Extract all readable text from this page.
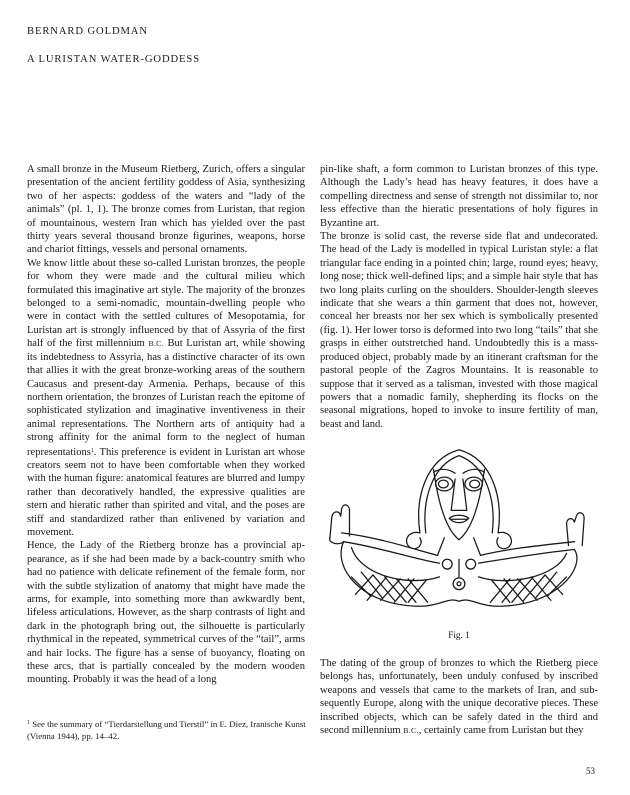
BERNARD GOLDMAN
A LURISTAN WATER-GODDESS

A small bronze in the Museum Rietberg, Zurich, offers a singular presentation of the ancient fertility goddess of Asia, synthesizing two of her aspects: goddess of the waters and “lady of the animals” (pl. 1, 1). The bronze comes from Luristan, that region of mountainous, western Iran which has yielded over the past thirty years several thousand bronze figurines, weapons, horse and chariot fittings, vessels and personal ornaments.

We know little about these so-called Luristan bronzes, the people for whom they were made and the cultural milieu which formulated this imaginative art style. The majority of the bronzes belonged to a semi-nomadic, mountain-dwelling people who were in contact with the settled cultures of Mesopotamia, for Luristan art is strongly influenced by that of Assyria of the first half of the first millennium B.C. But Luristan art, while showing its indebtedness to Assyria, has a distinctive character of its own that allies it with the great bronze-working areas of the southern Caucasus and present-day Armenia. Perhaps, because of this northern orientation, the bronzes of Luristan reach the epitome of sophisticated stylization and imaginative inventiveness in their animal representations. The Northern arts of antiquity had a strong affinity for the animal form to the neglect of human representations$^1$. This preference is evident in Luristan art whose creators seem not to have been comfortable when they worked with the human figure: anatomical features are blurred and lumpy rather than decoratively handled, the expressive qualities are stern and hieratic rather than spirited and vital, and the poses are stiff and standardized rather than enlivened by variation and movement.

Hence, the Lady of the Rietberg bronze has a provincial appearance, as if she had been made by a back-country smith who had no patience with delicate refinement of the female form, nor with the subtle stylization of anatomy that might have made the arms, for example, into something more than awkwardly bent, lifeless articulations. However, as the sharp contrasts of light and dark in the photograph bring out, the silhouette is particularly rhythmical in the repeated, symmetrical curves of the “tail”, arms and hair locks. The figure has a sense of buoyancy, floating on these arcs, that is partially concealed by the modern wooden mounting. Probably it was the head of a long

$^1$ See the summary of “Tierdarstellung und Tierstil” in E. Diez, Iranische Kunst (Vienna 1944), pp. 14–42.

pin-like shaft, a form common to Luristan bronzes of this type. Although the Lady’s head has heavy features, it does have a compelling directness and sense of strength not dissimilar to, nor less effective than the hieratic presentations of holy figures in Byzantine art.

The bronze is solid cast, the reverse side flat and undecorated. The head of the Lady is modelled in typical Luristan style: a flat triangular face ending in a pointed chin; large, round eyes; heavy, long nose; thick well-defined lips; and a simple hair style that has two long plaits curling on the shoulders. Shoulder-length sleeves indicate that she wears a thin garment that does not, however, conceal her breasts nor her sex which is symbolically presented (fig. 1). Her lower torso is deformed into two long “tails” that she grasps in either outstretched hand. Undoubtedly this is a mass-produced object, probably made by an itinerant craftsman for the pastoral people of the Zagros Mountains. It is reasonable to suppose that it served as a talisman, invested with those magical powers that a nomadic family, shepherding its flocks on the seasonal migrations, hoped to invoke to insure fertility of man, beast and land.

Fig. 1

The dating of the group of bronzes to which the Rietberg piece belongs has, unfortunately, been unduly confused by inscribed weapons and vessels that came to the markets of Iran, and subsequently Europe, along with the unique decorative pieces. These inscribed objects, which can be safely dated in the third and second millennium B.C., certainly came from Luristan but they

53
